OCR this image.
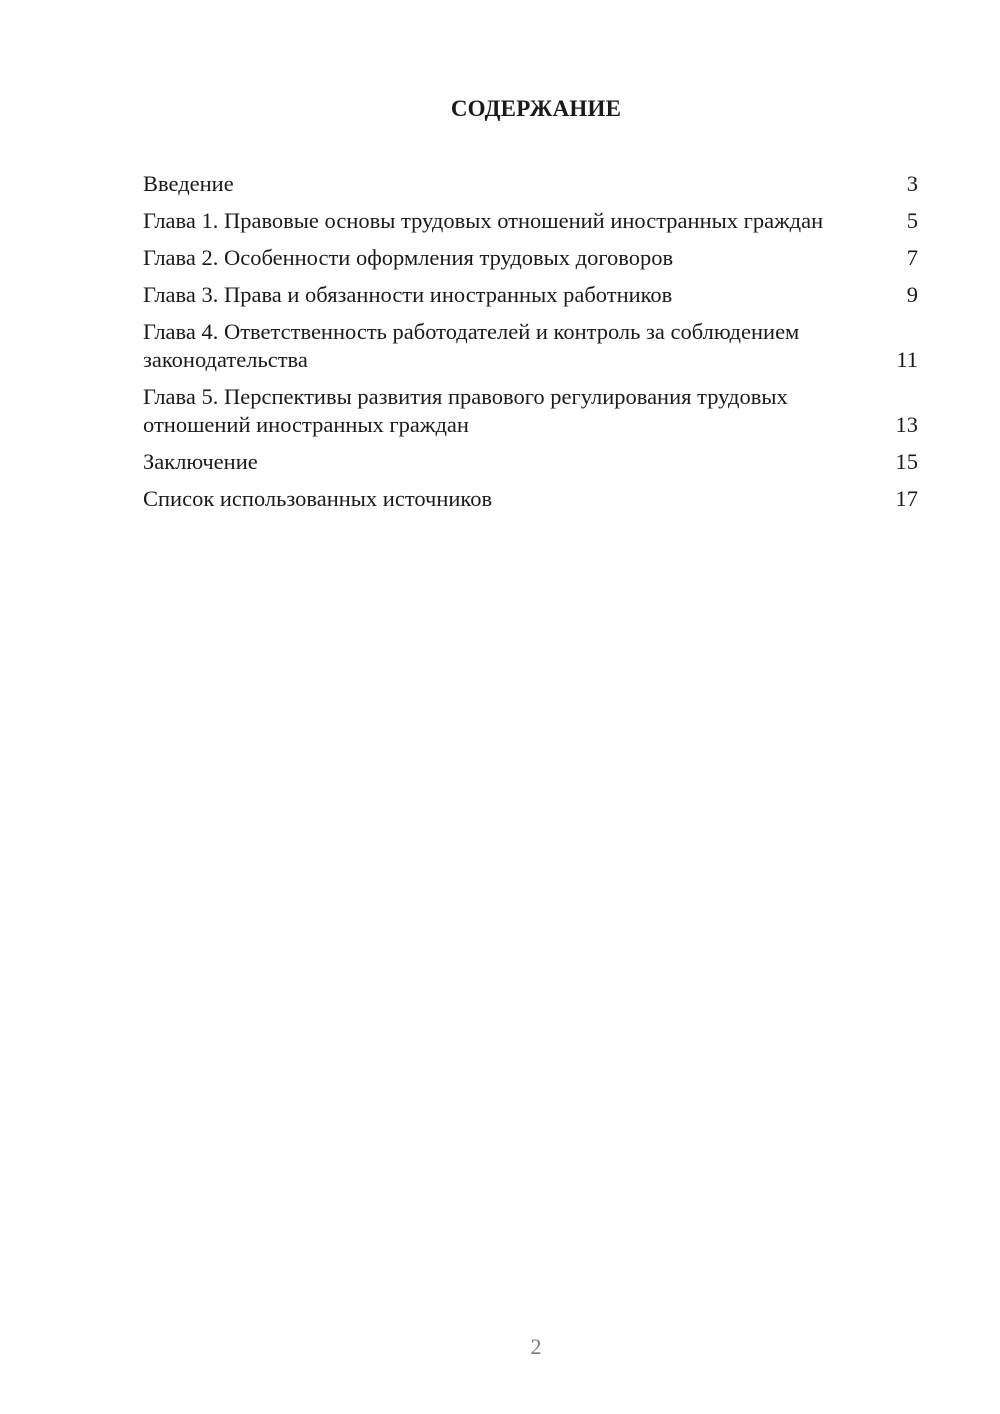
СОДЕРЖАНИЕ
Введение	3
Глава 1. Правовые основы трудовых отношений иностранных граждан	5
Глава 2. Особенности оформления трудовых договоров	7
Глава 3. Права и обязанности иностранных работников	9
Глава 4. Ответственность работодателей и контроль за соблюдением законодательства	11
Глава 5. Перспективы развития правового регулирования трудовых отношений иностранных граждан	13
Заключение	15
Список использованных источников	17
2
